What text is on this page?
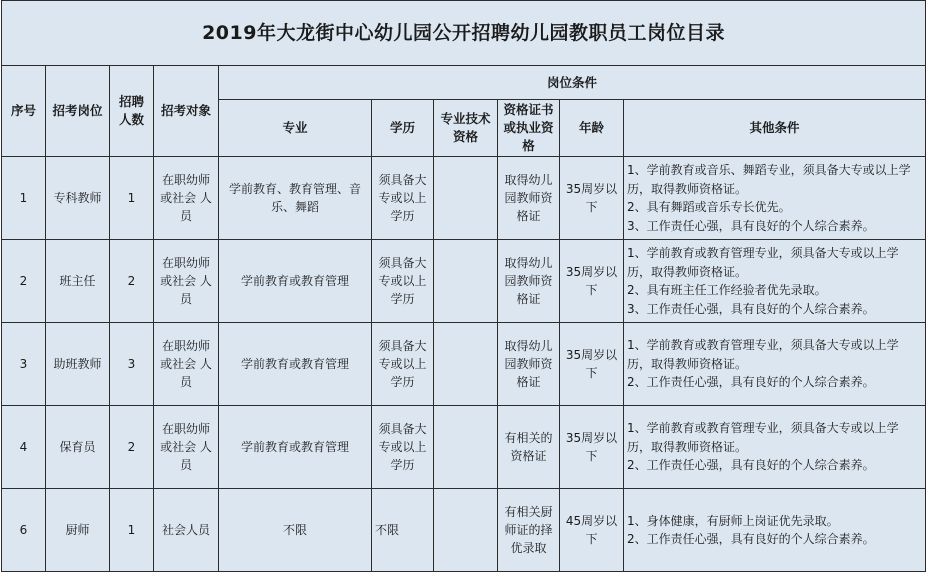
2019年大龙街中心幼儿园公开招聘幼儿园教职员工岗位目录									
序号	招考岗位	招聘人数	招考对象	岗位条件					
				专业	学历	专业技术资格	资格证书或执业资格	年龄	其他条件
1	专科教师	1	在职幼师或社会 人员	学前教育、教育管理、音乐、舞蹈	须具备大专或以上学历		取得幼儿园教师资格证	35周岁以下	1、学前教育或音乐、舞蹈专业，须具备大专或以上学历，取得教师资格证。
2、具有舞蹈或音乐专长优先。
3、工作责任心强，具有良好的个人综合素养。

2	班主任	2	在职幼师或社会 人员	学前教育或教育管理	须具备大专或以上学历		取得幼儿园教师资格证	35周岁以下	1、学前教育或教育管理专业，须具备大专或以上学历，取得教师资格证。
2、具有班主任工作经验者优先录取。
3、工作责任心强，具有良好的个人综合素养。

3	助班教师	3	在职幼师或社会 人员	学前教育或教育管理	须具备大专或以上学历		取得幼儿园教师资格证	35周岁以下	1、学前教育或教育管理专业，须具备大专或以上学历，取得教师资格证。
2、工作责任心强，具有良好的个人综合素养。

4	保育员	2	在职幼师或社会 人员	学前教育或教育管理	须具备大专或以上学历		有相关的资格证	35周岁以下	1、学前教育或教育管理专业，须具备大专或以上学历，取得教师资格证。
2、工作责任心强，具有良好的个人综合素养。

6	厨师	1	社会人员	不限	不限		有相关厨师证的择优录取	45周岁以下	1、身体健康，有厨师上岗证优先录取。
2、工作责任心强，具有良好的个人综合素养。
